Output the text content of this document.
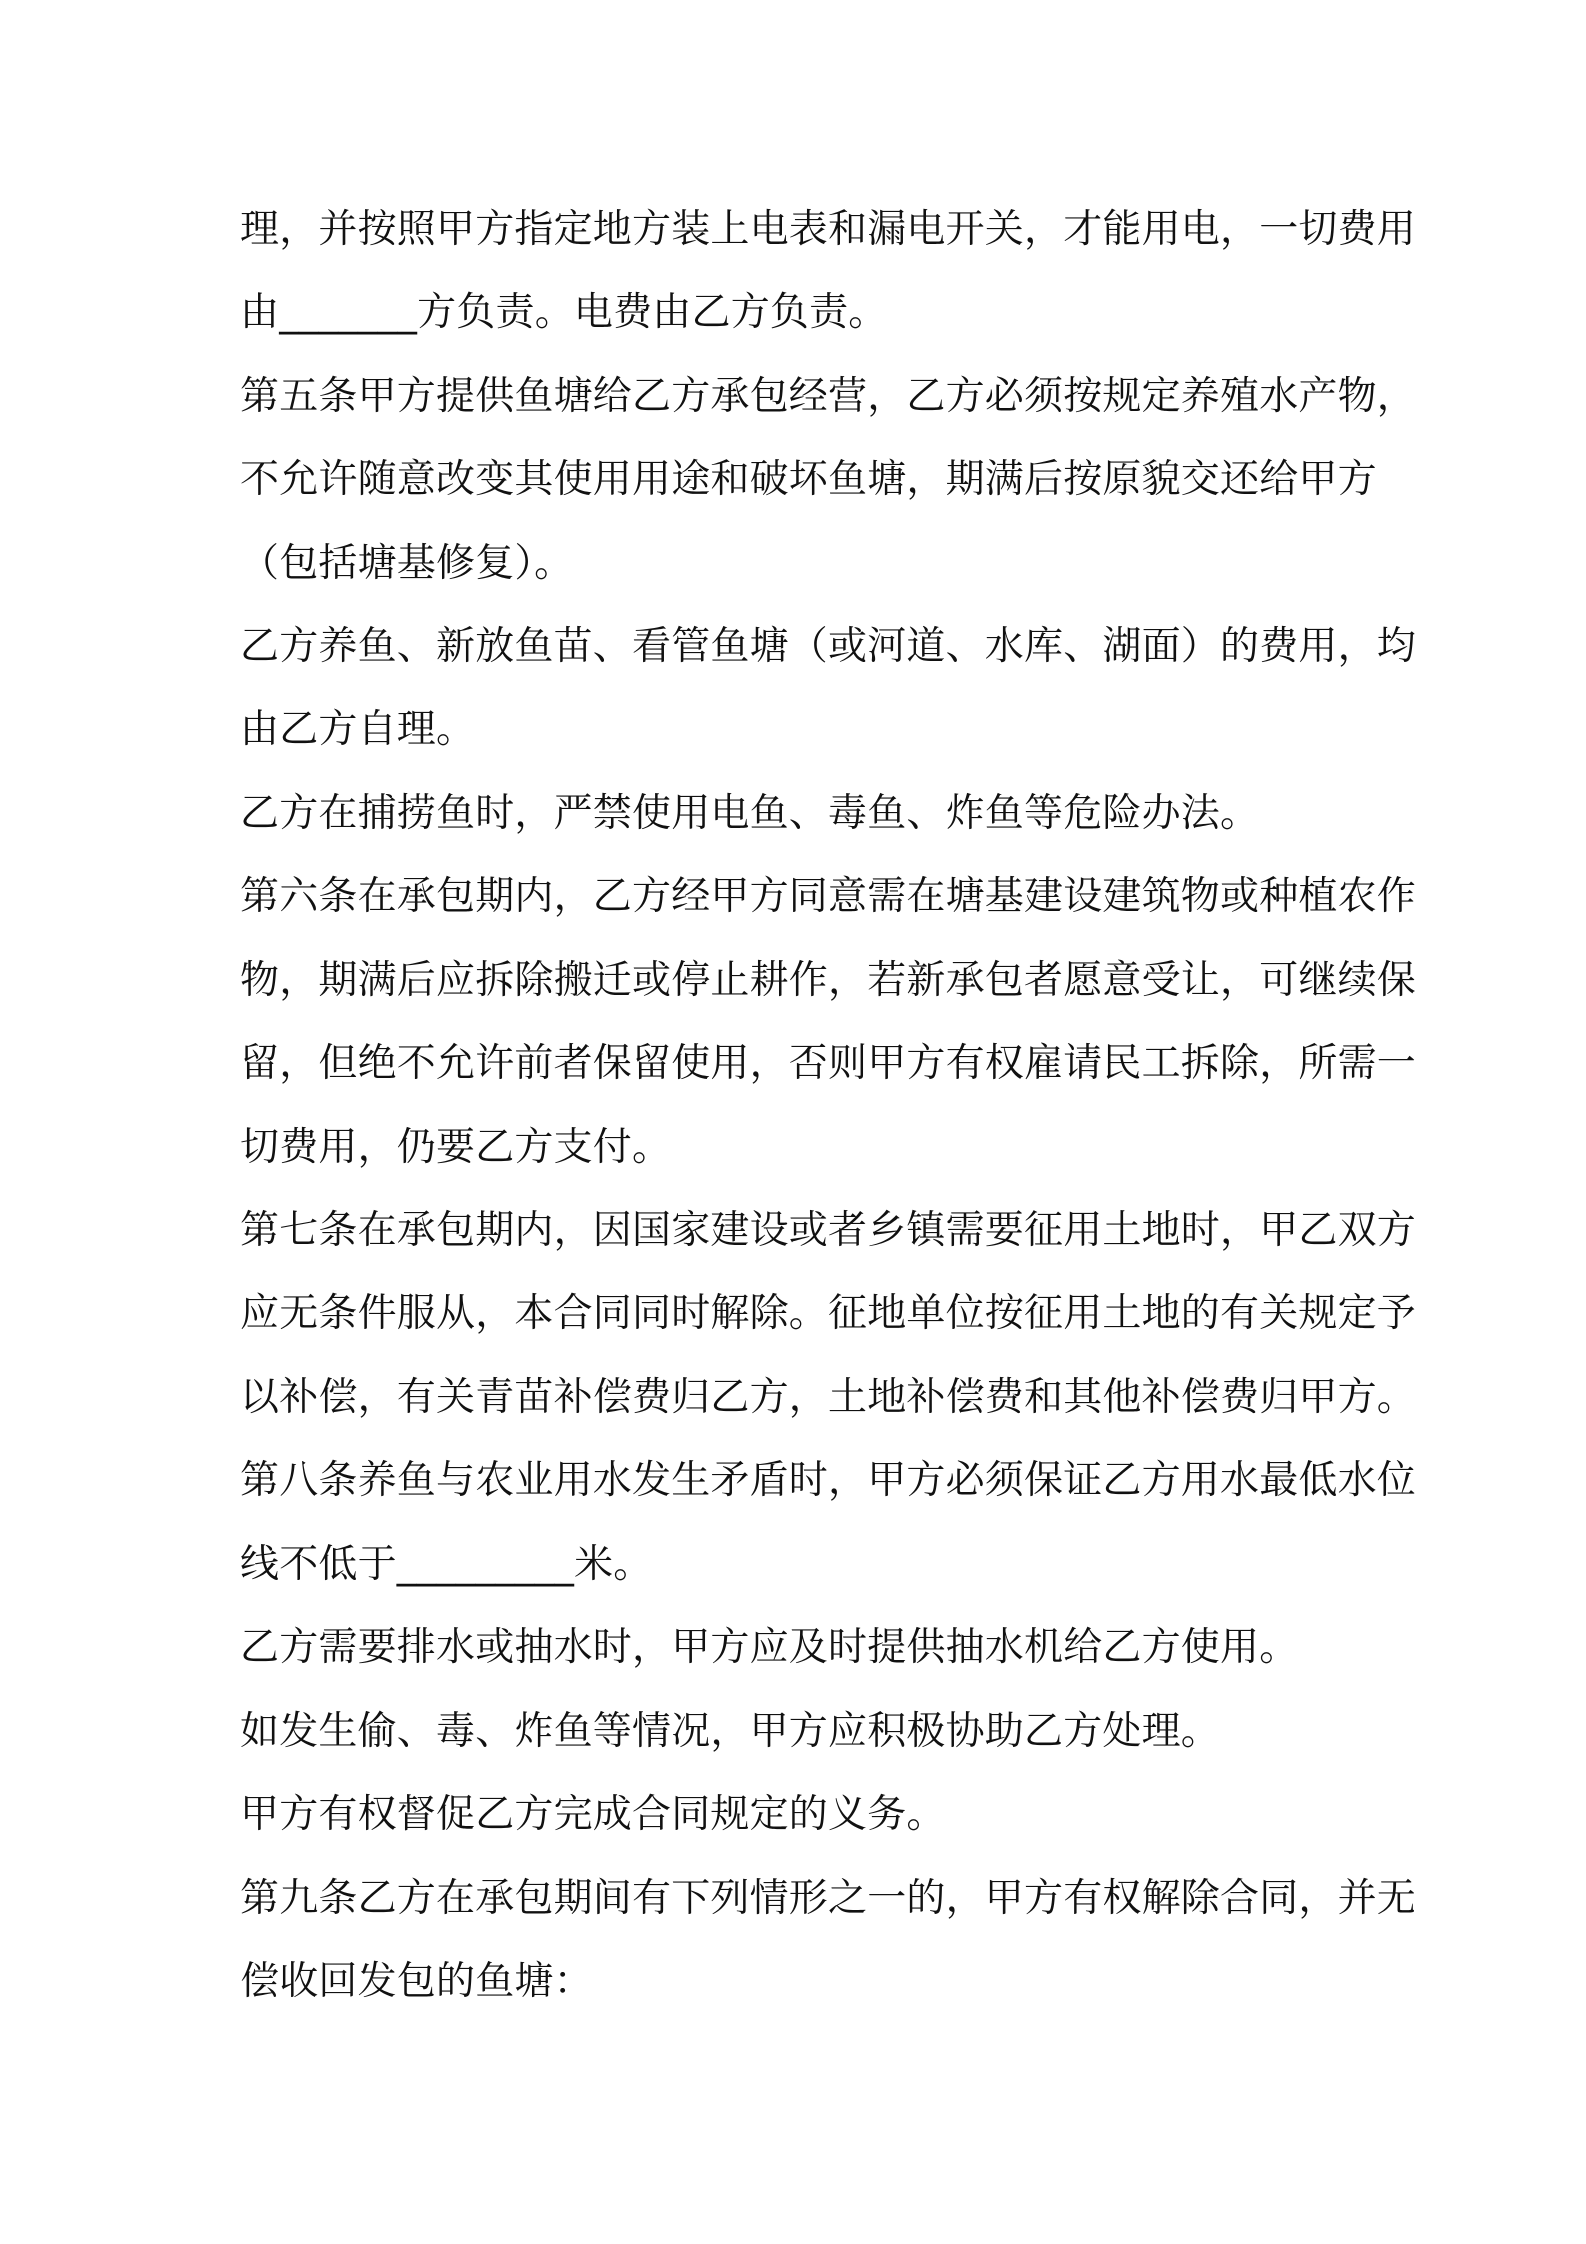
理，并按照甲方指定地方装上电表和漏电开关，才能用电，一切费用
由_______方负责。电费由乙方负责。
第五条甲方提供鱼塘给乙方承包经营，乙方必须按规定养殖水产物，
不允许随意改变其使用用途和破坏鱼塘，期满后按原貌交还给甲方
（包括塘基修复）。
乙方养鱼、新放鱼苗、看管鱼塘（或河道、水库、湖面）的费用，均
由乙方自理。
乙方在捕捞鱼时，严禁使用电鱼、毒鱼、炸鱼等危险办法。
第六条在承包期内，乙方经甲方同意需在塘基建设建筑物或种植农作
物，期满后应拆除搬迁或停止耕作，若新承包者愿意受让，可继续保
留，但绝不允许前者保留使用，否则甲方有权雇请民工拆除，所需一
切费用，仍要乙方支付。
第七条在承包期内，因国家建设或者乡镇需要征用土地时，甲乙双方
应无条件服从，本合同同时解除。征地单位按征用土地的有关规定予
以补偿，有关青苗补偿费归乙方，土地补偿费和其他补偿费归甲方。
第八条养鱼与农业用水发生矛盾时，甲方必须保证乙方用水最低水位
线不低于_________米。
乙方需要排水或抽水时，甲方应及时提供抽水机给乙方使用。
如发生偷、毒、炸鱼等情况，甲方应积极协助乙方处理。
甲方有权督促乙方完成合同规定的义务。
第九条乙方在承包期间有下列情形之一的，甲方有权解除合同，并无
偿收回发包的鱼塘：
